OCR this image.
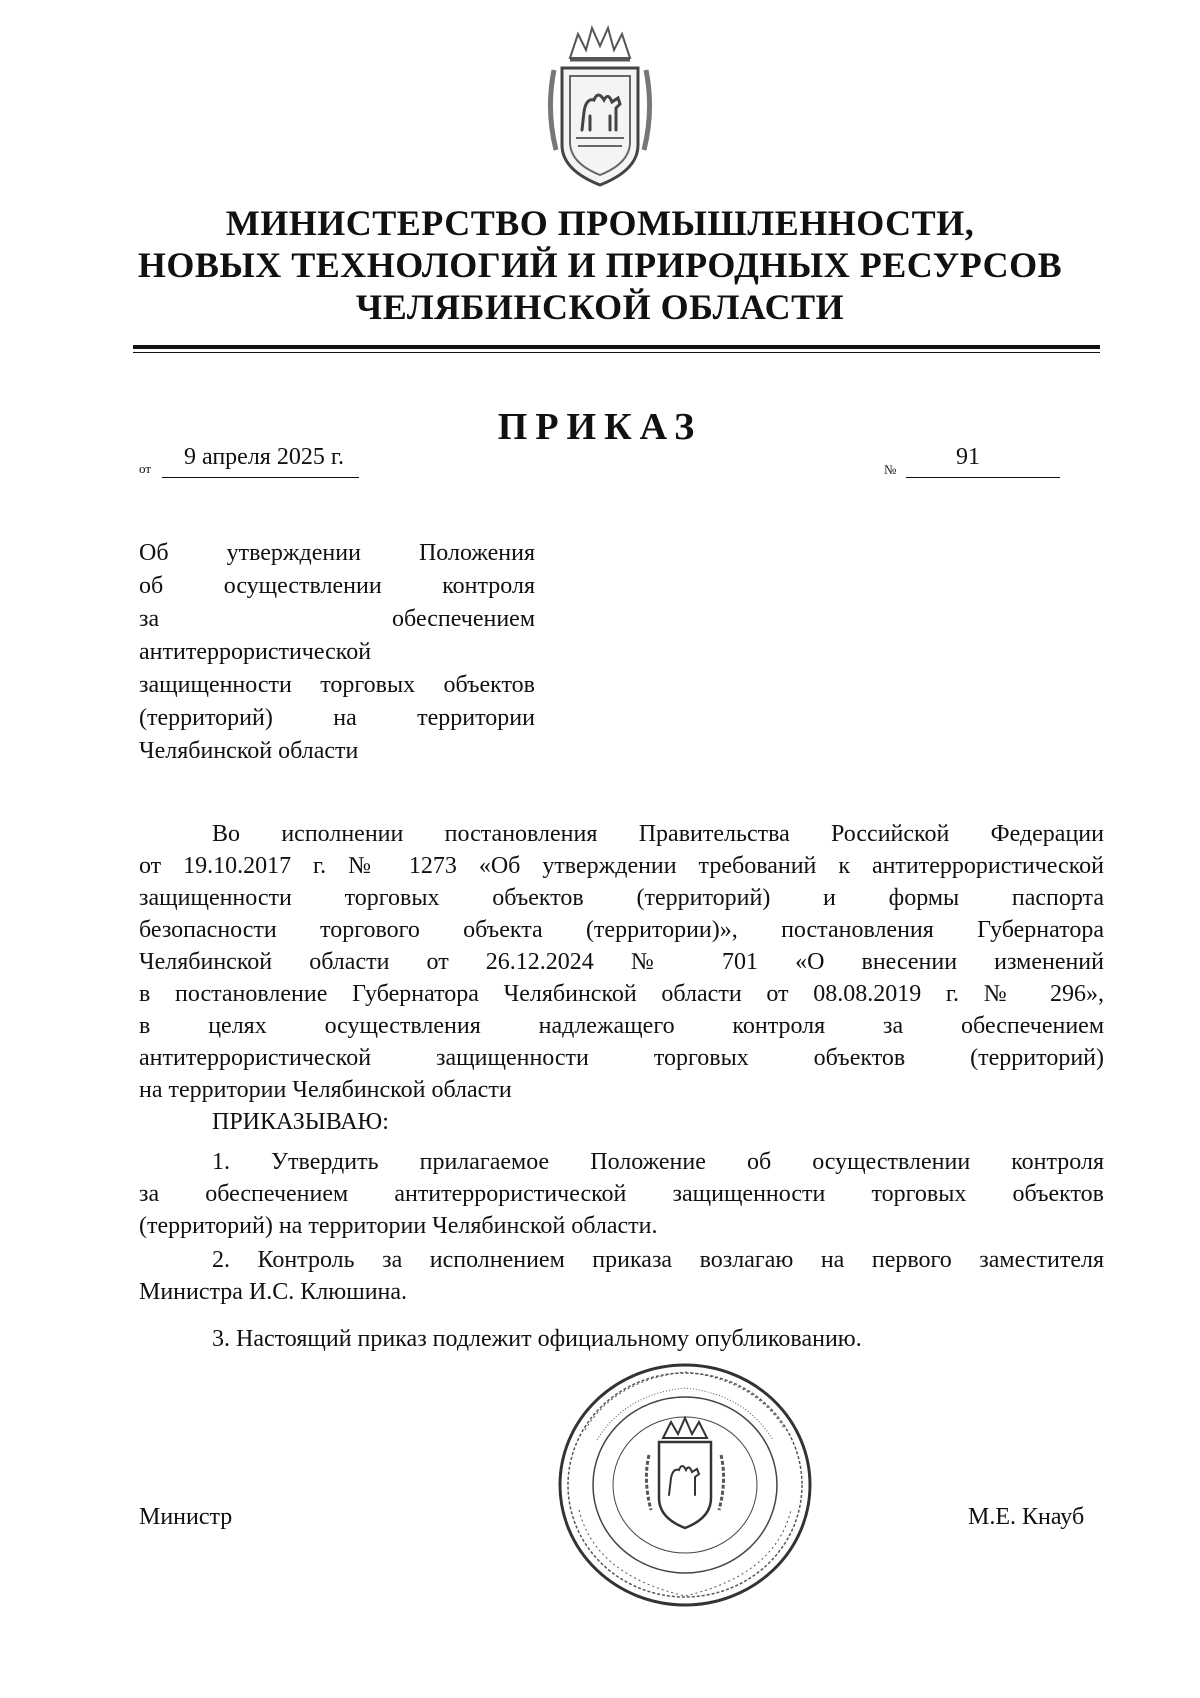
МИНИСТЕРСТВО ПРОМЫШЛЕННОСТИ,
НОВЫХ ТЕХНОЛОГИЙ И ПРИРОДНЫХ РЕСУРСОВ
ЧЕЛЯБИНСКОЙ ОБЛАСТИ
ПРИКАЗ
от 9 апреля 2025 г.	№ 91
Об утверждении Положения
об осуществлении контроля
за обеспечением
антитеррористической
защищенности торговых объектов
(территорий) на территории
Челябинской области
Во исполнении постановления Правительства Российской Федерации
от 19.10.2017 г. № 1273 «Об утверждении требований к антитеррористической
защищенности торговых объектов (территорий) и формы паспорта
безопасности торгового объекта (территории)», постановления Губернатора
Челябинской области от 26.12.2024 № 701 «О внесении изменений
в постановление Губернатора Челябинской области от 08.08.2019 г. № 296»,
в целях осуществления надлежащего контроля за обеспечением
антитеррористической защищенности торговых объектов (территорий)
на территории Челябинской области
ПРИКАЗЫВАЮ:
1. Утвердить прилагаемое Положение об осуществлении контроля
за обеспечением антитеррористической защищенности торговых объектов
(территорий) на территории Челябинской области.
2. Контроль за исполнением приказа возлагаю на первого заместителя
Министра И.С. Клюшина.
3. Настоящий приказ подлежит официальному опубликованию.
Министр	М.Е. Кнауб
